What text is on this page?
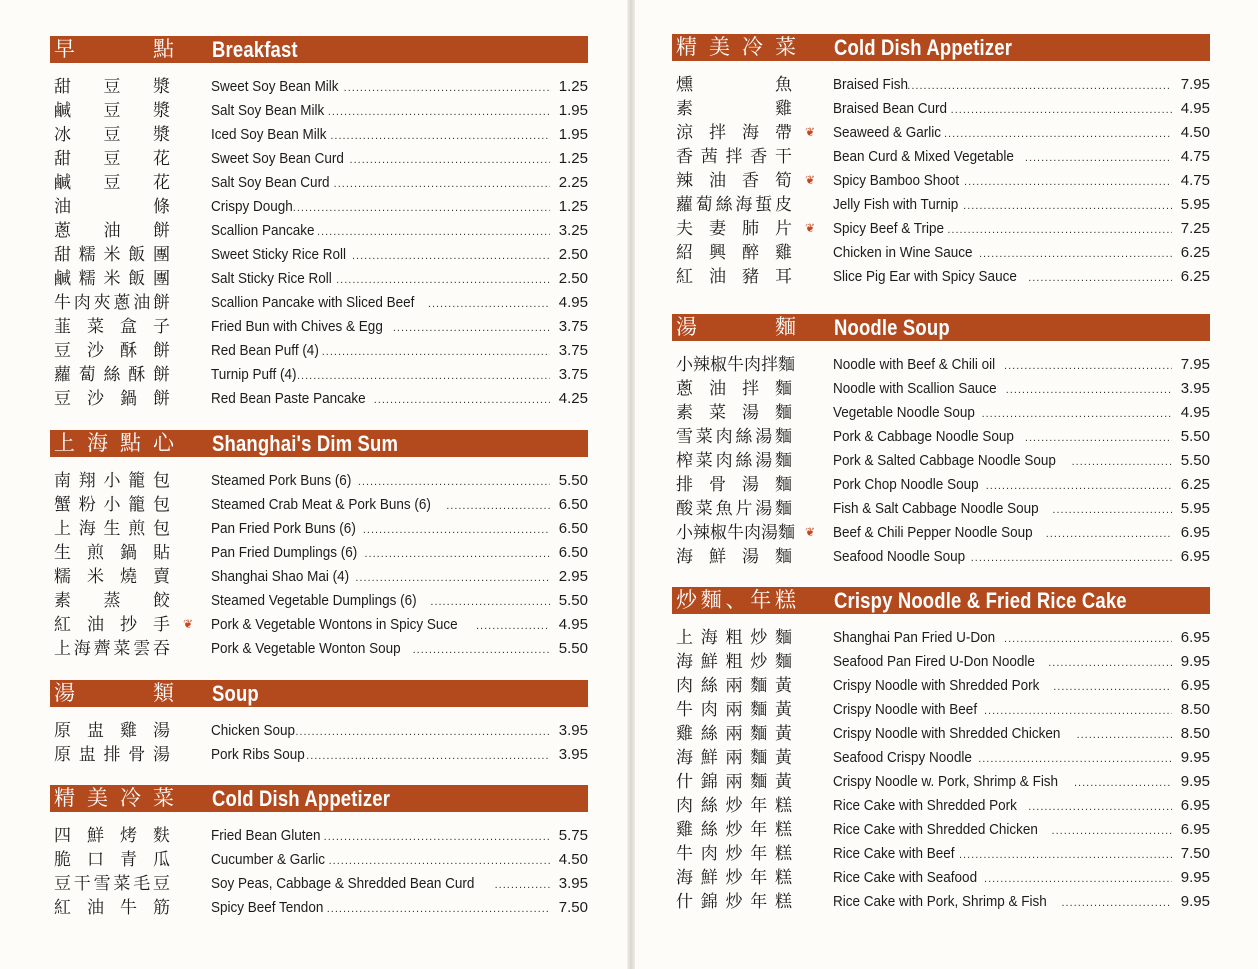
早點 Breakfast
甜豆漿	Sweet Soy Bean Milk .....	1.25
鹹豆漿	Salt Soy Bean Milk .....	1.95
冰豆漿	Iced Soy Bean Milk .....	1.95
甜豆花	Sweet Soy Bean Curd .....	1.25
鹹豆花	Salt Soy Bean Curd .....	2.25
油條	Crispy Dough .....	1.25
蔥油餅	Scallion Pancake .....	3.25
甜糯米飯團	Sweet Sticky Rice Roll .....	2.50
鹹糯米飯團	Salt Sticky Rice Roll .....	2.50
牛肉夾蔥油餅	Scallion Pancake with Sliced Beef .....	4.95
韮菜盒子	Fried Bun with Chives & Egg .....	3.75
豆沙酥餅	Red Bean Puff (4) .....	3.75
蘿蔔絲酥餅	Turnip Puff (4) .....	3.75
豆沙鍋餅	Red Bean Paste Pancake .....	4.25
上海點心 Shanghai's Dim Sum
南翔小籠包	Steamed Pork Buns (6) .....	5.50
蟹粉小籠包	Steamed Crab Meat & Pork Buns (6) .....	6.50
上海生煎包	Pan Fried Pork Buns (6) .....	6.50
生煎鍋貼	Pan Fried Dumplings (6) .....	6.50
糯米燒賣	Shanghai Shao Mai (4) .....	2.95
素蒸餃	Steamed Vegetable Dumplings (6) .....	5.50
紅油抄手 ❦ Pork & Vegetable Wontons in Spicy Suce .....	4.95
上海薺菜雲吞	Pork & Vegetable Wonton Soup .....	5.50
湯類 Soup
原盅雞湯	Chicken Soup .....	3.95
原盅排骨湯	Pork Ribs Soup .....	3.95
精美冷菜 Cold Dish Appetizer
四鮮烤麩	Fried Bean Gluten .....	5.75
脆口青瓜	Cucumber & Garlic .....	4.50
豆干雪菜毛豆	Soy Peas, Cabbage & Shredded Bean Curd .....	3.95
紅油牛筋	Spicy Beef Tendon .....	7.50
精美冷菜 Cold Dish Appetizer
燻魚	Braised Fish .....	7.95
素雞	Braised Bean Curd .....	4.95
涼拌海帶 ❦ Seaweed & Garlic .....	4.50
香茜拌香干	Bean Curd & Mixed Vegetable .....	4.75
辣油香筍 ❦ Spicy Bamboo Shoot .....	4.75
蘿蔔絲海蜇皮	Jelly Fish with Turnip .....	5.95
夫妻肺片 ❦ Spicy Beef & Tripe .....	7.25
紹興醉雞	Chicken in Wine Sauce .....	6.25
紅油豬耳	Slice Pig Ear with Spicy Sauce .....	6.25
湯麵 Noodle Soup
小辣椒牛肉拌麵	Noodle with Beef & Chili oil .....	7.95
蔥油拌麵	Noodle with Scallion Sauce .....	3.95
素菜湯麵	Vegetable Noodle Soup .....	4.95
雪菜肉絲湯麵	Pork & Cabbage Noodle Soup .....	5.50
榨菜肉絲湯麵	Pork & Salted Cabbage Noodle Soup .....	5.50
排骨湯麵	Pork Chop Noodle Soup .....	6.25
酸菜魚片湯麵	Fish & Salt Cabbage Noodle Soup .....	5.95
小辣椒牛肉湯麵 ❦ Beef & Chili Pepper Noodle Soup .....	6.95
海鮮湯麵	Seafood Noodle Soup .....	6.95
炒麵、年糕 Crispy Noodle & Fried Rice Cake
上海粗炒麵	Shanghai Pan Fried U-Don .....	6.95
海鮮粗炒麵	Seafood Pan Fired U-Don Noodle .....	9.95
肉絲兩麵黃	Crispy Noodle with Shredded Pork .....	6.95
牛肉兩麵黃	Crispy Noodle with Beef .....	8.50
雞絲兩麵黃	Crispy Noodle with Shredded Chicken .....	8.50
海鮮兩麵黃	Seafood Crispy Noodle .....	9.95
什錦兩麵黃	Crispy Noodle w. Pork, Shrimp & Fish .....	9.95
肉絲炒年糕	Rice Cake with Shredded Pork .....	6.95
雞絲炒年糕	Rice Cake with Shredded Chicken .....	6.95
牛肉炒年糕	Rice Cake with Beef .....	7.50
海鮮炒年糕	Rice Cake with Seafood .....	9.95
什錦炒年糕	Rice Cake with Pork, Shrimp & Fish .....	9.95
